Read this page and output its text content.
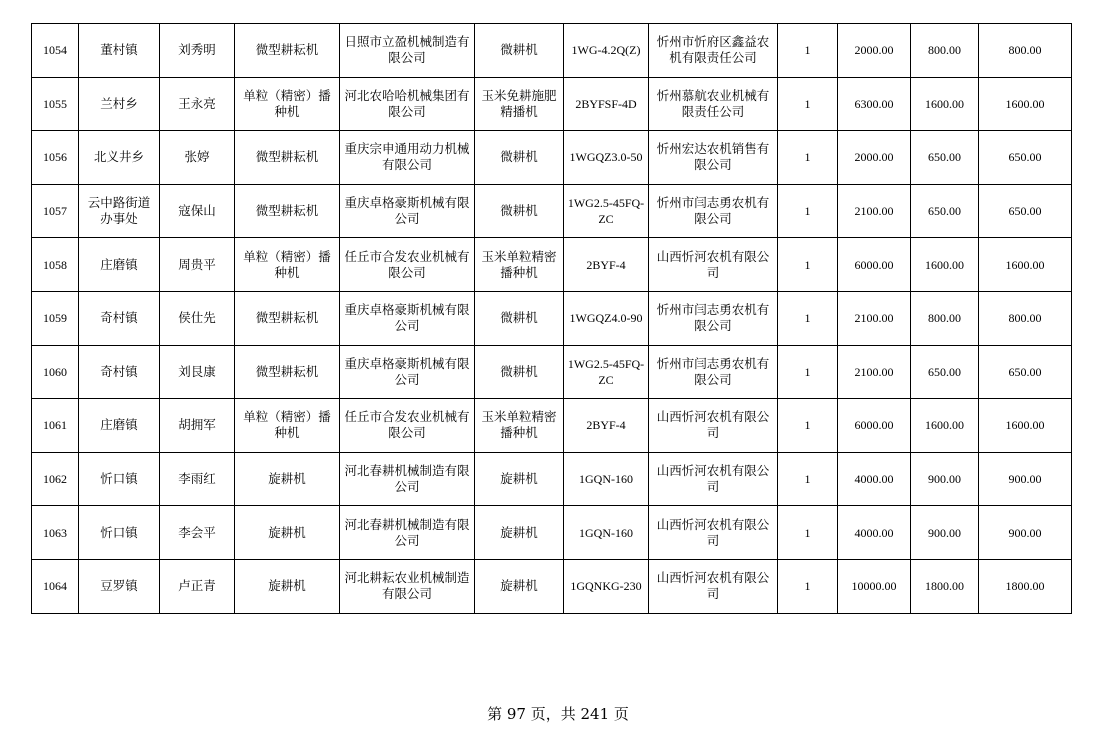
1054	董村镇	刘秀明	微型耕耘机	日照市立盈机械制造有限公司	微耕机	1WG-4.2Q(Z)	忻州市忻府区鑫益农机有限责任公司	1	2000.00	800.00	800.00
1055	兰村乡	王永亮	单粒（精密）播种机	河北农哈哈机械集团有限公司	玉米免耕施肥精播机	2BYFSF-4D	忻州慕航农业机械有限责任公司	1	6300.00	1600.00	1600.00
1056	北义井乡	张婷	微型耕耘机	重庆宗申通用动力机械有限公司	微耕机	1WGQZ3.0-50	忻州宏达农机销售有限公司	1	2000.00	650.00	650.00
1057	云中路街道办事处	寇保山	微型耕耘机	重庆卓格豪斯机械有限公司	微耕机	1WG2.5-45FQ-ZC	忻州市闫志勇农机有限公司	1	2100.00	650.00	650.00
1058	庄磨镇	周贵平	单粒（精密）播种机	任丘市合发农业机械有限公司	玉米单粒精密播种机	2BYF-4	山西忻河农机有限公司	1	6000.00	1600.00	1600.00
1059	奇村镇	侯仕先	微型耕耘机	重庆卓格豪斯机械有限公司	微耕机	1WGQZ4.0-90	忻州市闫志勇农机有限公司	1	2100.00	800.00	800.00
1060	奇村镇	刘艮康	微型耕耘机	重庆卓格豪斯机械有限公司	微耕机	1WG2.5-45FQ-ZC	忻州市闫志勇农机有限公司	1	2100.00	650.00	650.00
1061	庄磨镇	胡拥军	单粒（精密）播种机	任丘市合发农业机械有限公司	玉米单粒精密播种机	2BYF-4	山西忻河农机有限公司	1	6000.00	1600.00	1600.00
1062	忻口镇	李雨红	旋耕机	河北春耕机械制造有限公司	旋耕机	1GQN-160	山西忻河农机有限公司	1	4000.00	900.00	900.00
1063	忻口镇	李会平	旋耕机	河北春耕机械制造有限公司	旋耕机	1GQN-160	山西忻河农机有限公司	1	4000.00	900.00	900.00
1064	豆罗镇	卢正青	旋耕机	河北耕耘农业机械制造有限公司	旋耕机	1GQNKG-230	山西忻河农机有限公司	1	10000.00	1800.00	1800.00
第 97 页，共 241 页
